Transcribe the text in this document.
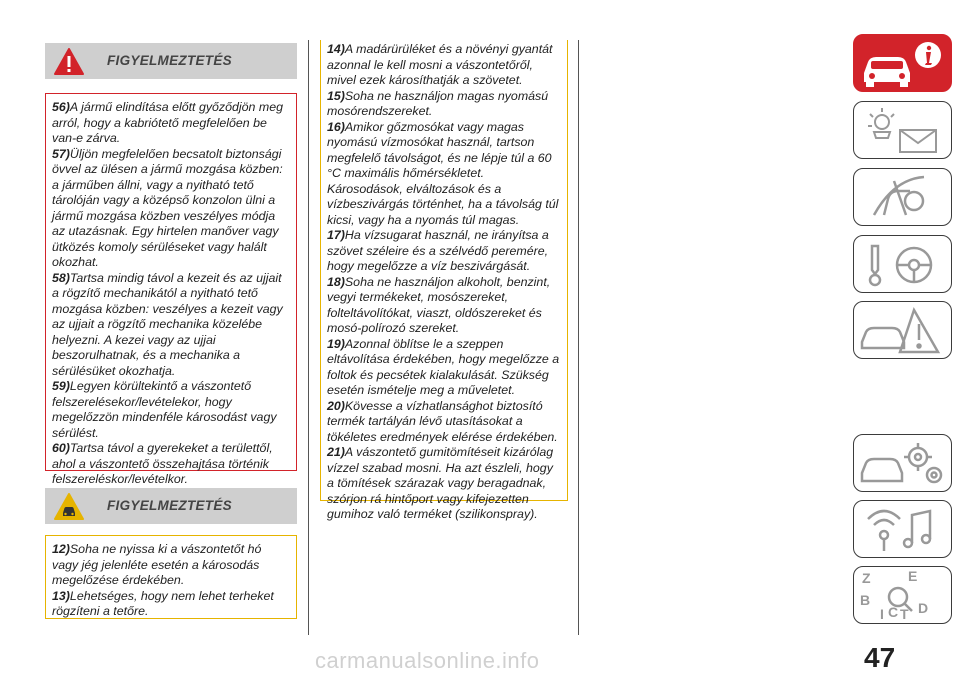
FIGYELMEZTETÉS

56)A jármű elindítása előtt győződjön meg arról, hogy a kabriótető megfelelően be van-e zárva.

57)Üljön megfelelően becsatolt biztonsági övvel az ülésen a jármű mozgása közben: a járműben állni, vagy a nyitható tető tárolóján vagy a középső konzolon ülni a jármű mozgása közben veszélyes módja az utazásnak. Egy hirtelen manőver vagy ütközés komoly sérüléseket vagy halált okozhat.

58)Tartsa mindig távol a kezeit és az ujjait a rögzítő mechanikától a nyitható tető mozgása közben: veszélyes a kezeit vagy az ujjait a rögzítő mechanika közelébe helyezni. A kezei vagy az ujjai beszorulhatnak, és a mechanika a sérülésüket okozhatja.

59)Legyen körültekintő a vászontető felszerelésekor/levételekor, hogy megelőzzön mindenféle károsodást vagy sérülést.

60)Tartsa távol a gyerekeket a területtől, ahol a vászontető összehajtása történik felszereléskor/levételkor.

FIGYELMEZTETÉS

12)Soha ne nyissa ki a vászontetőt hó vagy jég jelenléte esetén a károsodás megelőzése érdekében.

13)Lehetséges, hogy nem lehet terheket rögzíteni a tetőre.

14)A madárürüléket és a növényi gyantát azonnal le kell mosni a vászontetőről, mivel ezek károsíthatják a szövetet.

15)Soha ne használjon magas nyomású mosórendszereket.

16)Amikor gőzmosókat vagy magas nyomású vízmosókat használ, tartson megfelelő távolságot, és ne lépje túl a 60 °C maximális hőmérsékletet. Károsodások, elváltozások és a vízbeszivárgás történhet, ha a távolság túl kicsi, vagy ha a nyomás túl magas.

17)Ha vízsugarat használ, ne irányítsa a szövet széleire és a szélvédő peremére, hogy megelőzze a víz beszivárgását.

18)Soha ne használjon alkoholt, benzint, vegyi termékeket, mosószereket, folteltávolítókat, viaszt, oldószereket és mosó-polírozó szereket.

19)Azonnal öblítse le a szeppen eltávolítása érdekében, hogy megelőzze a foltok és pecsétek kialakulását. Szükség esetén ismételje meg a műveletet.

20)Kövesse a vízhatlansághot biztosító termék tartályán lévő utasításokat a tökéletes eredmények elérése érdekében.

21)A vászontető gumitömítéseit kizárólag vízzel szabad mosni. Ha azt észleli, hogy a tömítések szárazak vagy beragadnak, szórjon rá hintőport vagy kifejezetten gumihoz való terméket (szilikonspray).

Z	E
B
C T D
I
47
carmanualsonline.info
